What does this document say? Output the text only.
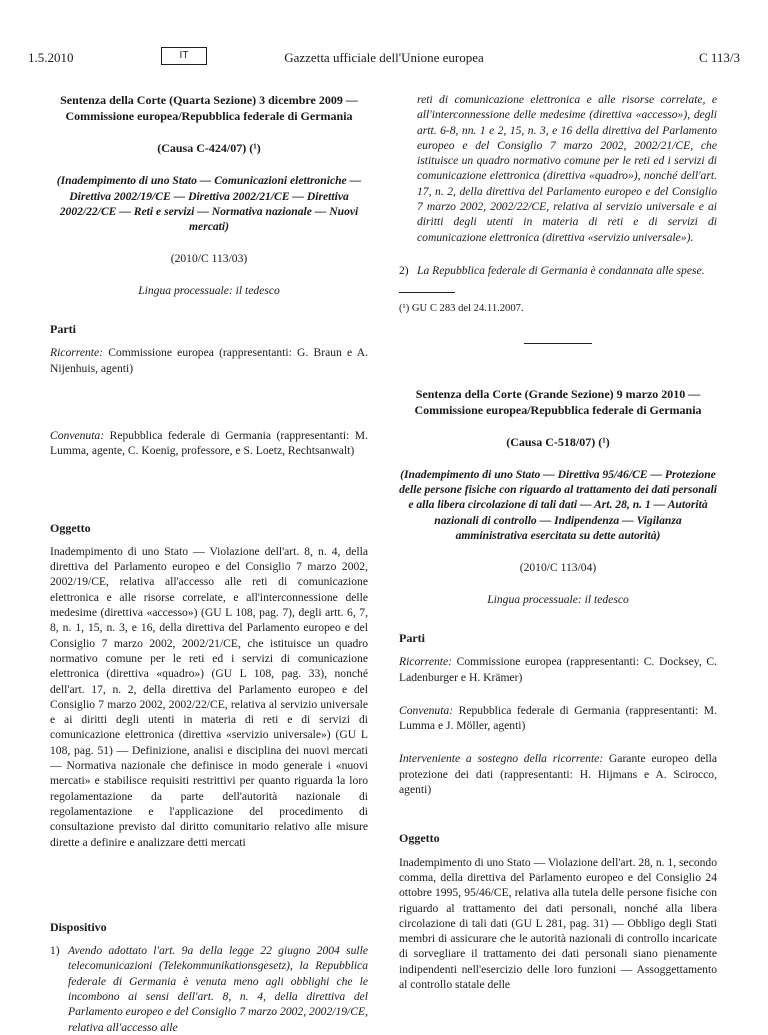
1.5.2010	IT	Gazzetta ufficiale dell'Unione europea	C 113/3
Sentenza della Corte (Quarta Sezione) 3 dicembre 2009 — Commissione europea/Repubblica federale di Germania
(Causa C-424/07) (¹)
(Inadempimento di uno Stato — Comunicazioni elettroniche — Direttiva 2002/19/CE — Direttiva 2002/21/CE — Direttiva 2002/22/CE — Reti e servizi — Normativa nazionale — Nuovi mercati)
(2010/C 113/03)
Lingua processuale: il tedesco
Parti
Ricorrente: Commissione europea (rappresentanti: G. Braun e A. Nijenhuis, agenti)
Convenuta: Repubblica federale di Germania (rappresentanti: M. Lumma, agente, C. Koenig, professore, e S. Loetz, Rechtsanwalt)
Oggetto
Inadempimento di uno Stato — Violazione dell'art. 8, n. 4, della direttiva del Parlamento europeo e del Consiglio 7 marzo 2002, 2002/19/CE, relativa all'accesso alle reti di comunicazione elettronica e alle risorse correlate, e all'interconnessione delle medesime (direttiva «accesso») (GU L 108, pag. 7), degli artt. 6, 7, 8, n. 1, 15, n. 3, e 16, della direttiva del Parlamento europeo e del Consiglio 7 marzo 2002, 2002/21/CE, che istituisce un quadro normativo comune per le reti ed i servizi di comunicazione elettronica (direttiva «quadro») (GU L 108, pag. 33), nonché dell'art. 17, n. 2, della direttiva del Parlamento europeo e del Consiglio 7 marzo 2002, 2002/22/CE, relativa al servizio universale e ai diritti degli utenti in materia di reti e di servizi di comunicazione elettronica (direttiva «servizio universale») (GU L 108, pag. 51) — Definizione, analisi e disciplina dei nuovi mercati — Normativa nazionale che definisce in modo generale i «nuovi mercati» e stabilisce requisiti restrittivi per quanto riguarda la loro regolamentazione da parte dell'autorità nazionale di regolamentazione e l'applicazione del procedimento di consultazione previsto dal diritto comunitario relativo alle misure dirette a definire e analizzare detti mercati
Dispositivo
1) Avendo adottato l'art. 9a della legge 22 giugno 2004 sulle telecomunicazioni (Telekommunikationsgesetz), la Repubblica federale di Germania è venuta meno agli obblighi che le incombono ai sensi dell'art. 8, n. 4, della direttiva del Parlamento europeo e del Consiglio 7 marzo 2002, 2002/19/CE, relativa all'accesso alle
reti di comunicazione elettronica e alle risorse correlate, e all'interconnessione delle medesime (direttiva «accesso»), degli artt. 6-8, nn. 1 e 2, 15, n. 3, e 16 della direttiva del Parlamento europeo e del Consiglio 7 marzo 2002, 2002/21/CE, che istituisce un quadro normativo comune per le reti ed i servizi di comunicazione elettronica (direttiva «quadro»), nonché dell'art. 17, n. 2, della direttiva del Parlamento europeo e del Consiglio 7 marzo 2002, 2002/22/CE, relativa al servizio universale e ai diritti degli utenti in materia di reti e di servizi di comunicazione elettronica (direttiva «servizio universale»).
2) La Repubblica federale di Germania è condannata alle spese.
(¹) GU C 283 del 24.11.2007.
Sentenza della Corte (Grande Sezione) 9 marzo 2010 — Commissione europea/Repubblica federale di Germania
(Causa C-518/07) (¹)
(Inadempimento di uno Stato — Direttiva 95/46/CE — Protezione delle persone fisiche con riguardo al trattamento dei dati personali e alla libera circolazione di tali dati — Art. 28, n. 1 — Autorità nazionali di controllo — Indipendenza — Vigilanza amministrativa esercitata su dette autorità)
(2010/C 113/04)
Lingua processuale: il tedesco
Parti
Ricorrente: Commissione europea (rappresentanti: C. Docksey, C. Ladenburger e H. Krämer)
Convenuta: Repubblica federale di Germania (rappresentanti: M. Lumma e J. Möller, agenti)
Interveniente a sostegno della ricorrente: Garante europeo della protezione dei dati (rappresentanti: H. Hijmans e A. Scirocco, agenti)
Oggetto
Inadempimento di uno Stato — Violazione dell'art. 28, n. 1, secondo comma, della direttiva del Parlamento europeo e del Consiglio 24 ottobre 1995, 95/46/CE, relativa alla tutela delle persone fisiche con riguardo al trattamento dei dati personali, nonché alla libera circolazione di tali dati (GU L 281, pag. 31) — Obbligo degli Stati membri di assicurare che le autorità nazionali di controllo incaricate di sorvegliare il trattamento dei dati personali siano pienamente indipendenti nell'esercizio delle loro funzioni — Assoggettamento al controllo statale delle
